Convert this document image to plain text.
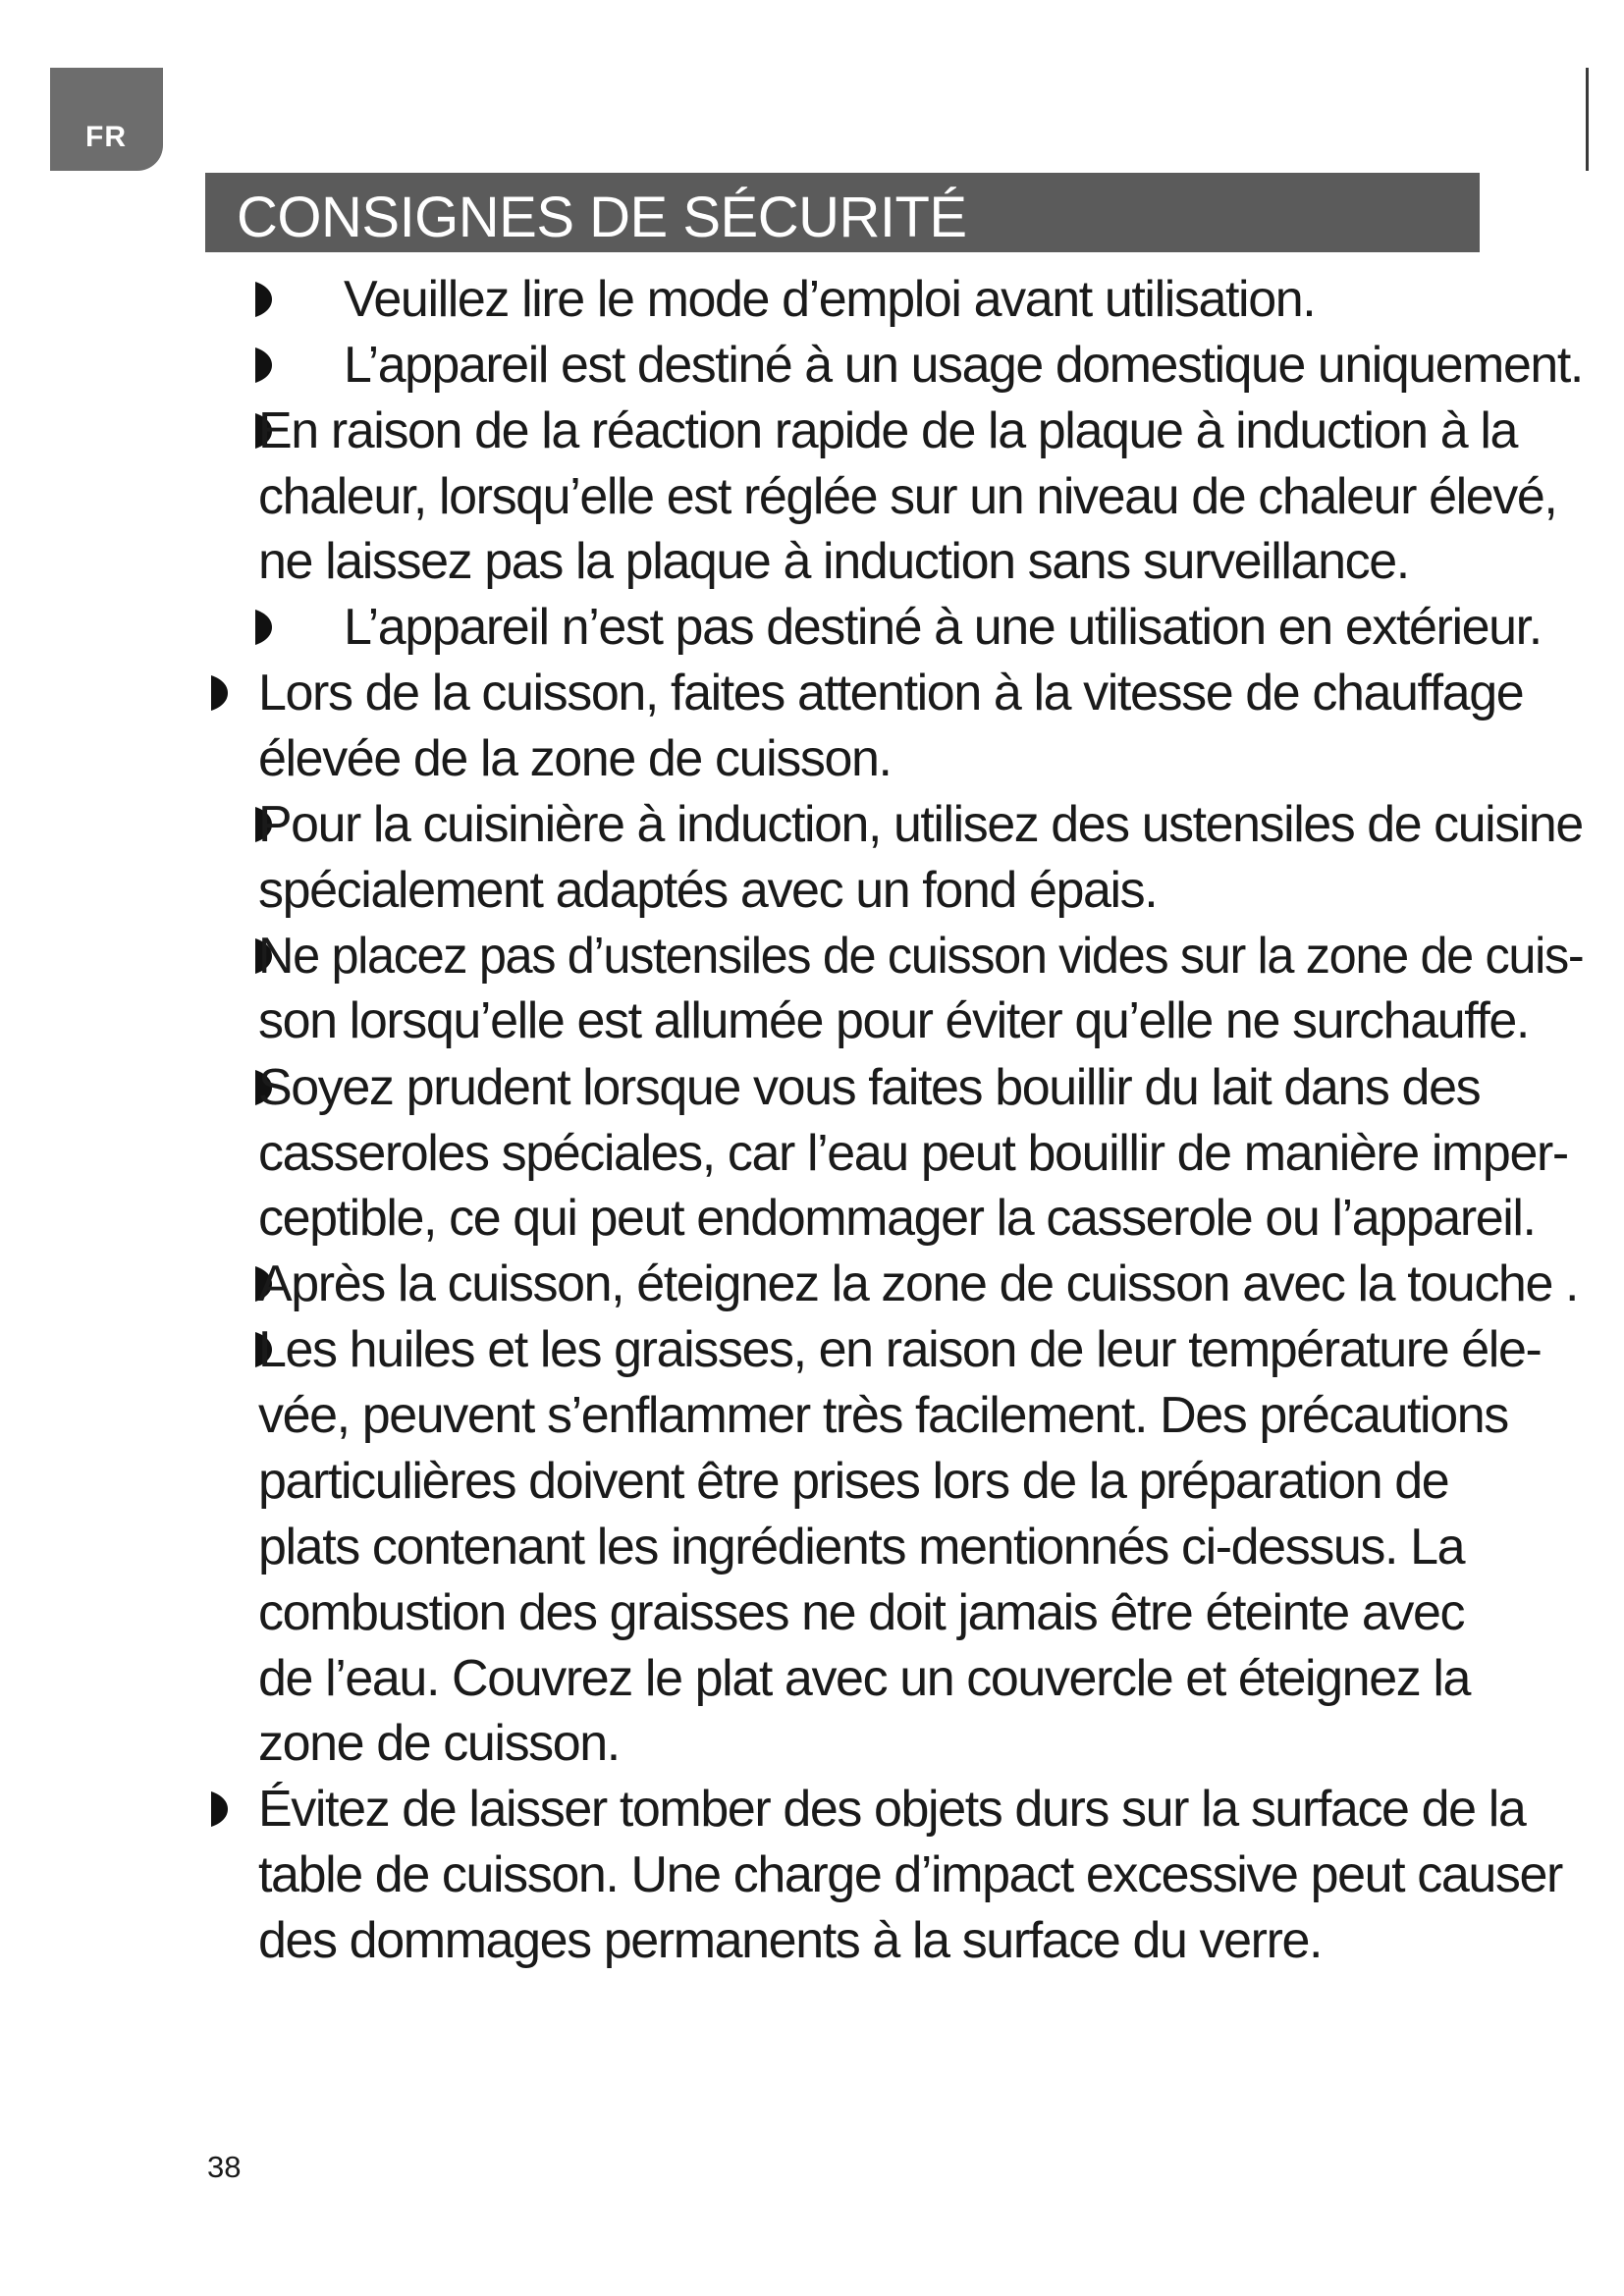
FR
CONSIGNES DE SÉCURITÉ
Veuillez lire le mode d’emploi avant utilisation.
L’appareil est destiné à un usage domestique uniquement.
En raison de la réaction rapide de la plaque à induction à la
chaleur, lorsqu’elle est réglée sur un niveau de chaleur élevé,
ne laissez pas la plaque à induction sans surveillance.
L’appareil n’est pas destiné à une utilisation en extérieur.
Lors de la cuisson, faites attention à la vitesse de chauffage
élevée de la zone de cuisson.
Pour la cuisinière à induction, utilisez des ustensiles de cuisine
spécialement adaptés avec un fond épais.
Ne placez pas d’ustensiles de cuisson vides sur la zone de cuis-
son lorsqu’elle est allumée pour éviter qu’elle ne surchauffe.
Soyez prudent lorsque vous faites bouillir du lait dans des
casseroles spéciales, car l’eau peut bouillir de manière imper-
ceptible, ce qui peut endommager la casserole ou l’appareil.
Après la cuisson, éteignez la zone de cuisson avec la touche .
Les huiles et les graisses, en raison de leur température éle-
vée, peuvent s’enflammer très facilement. Des précautions
particulières doivent être prises lors de la préparation de
plats contenant les ingrédients mentionnés ci-dessus. La
combustion des graisses ne doit jamais être éteinte avec
de l’eau. Couvrez le plat avec un couvercle et éteignez la
zone de cuisson.
Évitez de laisser tomber des objets durs sur la surface de la
table de cuisson. Une charge d’impact excessive peut causer
des dommages permanents à la surface du verre.
38
